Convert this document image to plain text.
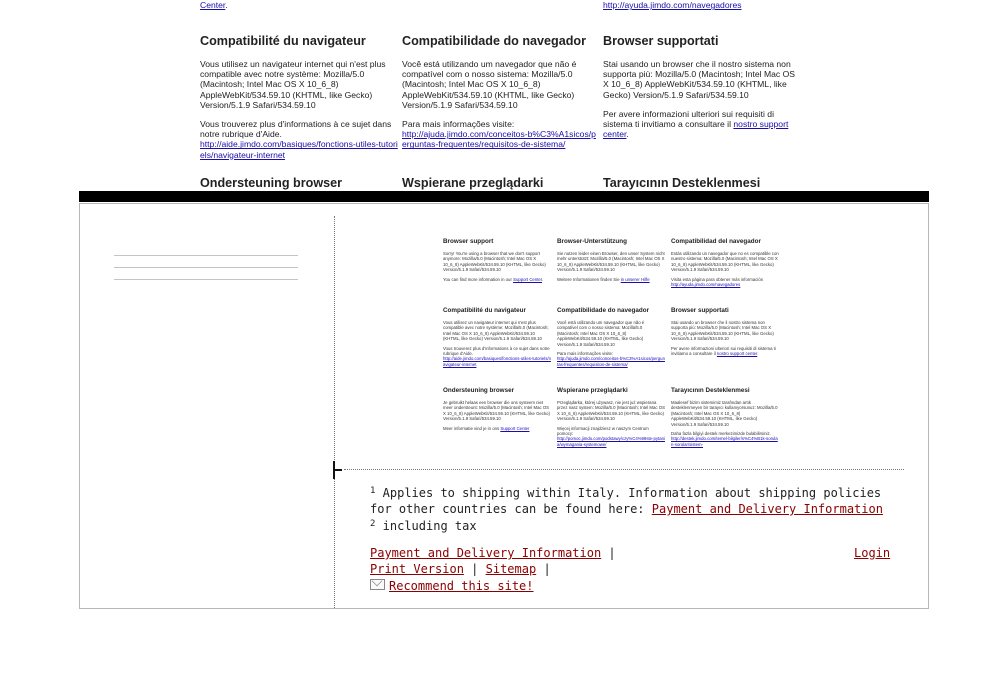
Center.	http://ayuda.jimdo.com/navegadores

Compatibilité du navigateur

Vous utilisez un navigateur internet qui n'est plus compatible avec notre système: Mozilla/5.0 (Macintosh; Intel Mac OS X 10_6_8) AppleWebKit/534.59.10 (KHTML, like Gecko) Version/5.1.9 Safari/534.59.10

Vous trouverez plus d'informations à ce sujet dans notre rubrique d'Aide.
http://aide.jimdo.com/basiques/fonctions-utiles-tutoriels/navigateur-internet

Compatibilidade do navegador

Você está utilizando um navegador que não é compatível com o nosso sistema: Mozilla/5.0 (Macintosh; Intel Mac OS X 10_6_8) AppleWebKit/534.59.10 (KHTML, like Gecko) Version/5.1.9 Safari/534.59.10

Para mais informações visite:
http://ajuda.jimdo.com/conceitos-b%C3%A1sicos/perguntas-frequentes/requisitos-de-sistema/

Browser supportati

Stai usando un browser che il nostro sistema non supporta più: Mozilla/5.0 (Macintosh; Intel Mac OS X 10_6_8) AppleWebKit/534.59.10 (KHTML, like Gecko) Version/5.1.9 Safari/534.59.10

Per avere informazioni ulteriori sui requisiti di sistema ti invitiamo a consultare il nostro support center.

Ondersteuning browser	Wspierane przeglądarki	Tarayıcının Desteklenmesi
Browser support

Sorry! You're using a browser that we don't support anymore: Mozilla/5.0 (Macintosh; Intel Mac OS X 10_6_8) AppleWebKit/534.59.10 (KHTML, like Gecko) Version/5.1.9 Safari/534.59.10

You can find more information in our Support Center.

Browser-Unterstützung

Sie nutzen leider einen Browser, den unser System nicht mehr unterstützt: Mozilla/5.0 (Macintosh; Intel Mac OS X 10_6_8) AppleWebKit/534.59.10 (KHTML, like Gecko) Version/5.1.9 Safari/534.59.10

Weitere Informationen finden Sie in unserer Hilfe

Compatibilidad del navegador

Estás utilizando un navegador que no es compatible con nuestro sistema: Mozilla/5.0 (Macintosh; Intel Mac OS X 10_6_8) AppleWebKit/534.59.10 (KHTML, like Gecko) Version/5.1.9 Safari/534.59.10

Visita esta página para obtener más información
http://ayuda.jimdo.com/navegadores

Compatibilité du navigateur

Vous utilisez un navigateur internet qui n'est plus compatible avec notre système: Mozilla/5.0 (Macintosh; Intel Mac OS X 10_6_8) AppleWebKit/534.59.10 (KHTML, like Gecko) Version/5.1.9 Safari/534.59.10

Vous trouverez plus d'informations à ce sujet dans notre rubrique d'Aide.
http://aide.jimdo.com/basiques/fonctions-utiles-tutoriels/navigateur-internet

Compatibilidade do navegador

Você está utilizando um navegador que não é compatível com o nosso sistema: Mozilla/5.0 (Macintosh; Intel Mac OS X 10_6_8) AppleWebKit/534.59.10 (KHTML, like Gecko) Version/5.1.9 Safari/534.59.10

Para mais informações visite:
http://ajuda.jimdo.com/conceitos-b%C3%A1sicos/perguntas-frequentes/requisitos-de-sistema/

Browser supportati

Stai usando un browser che il nostro sistema non supporta più: Mozilla/5.0 (Macintosh; Intel Mac OS X 10_6_8) AppleWebKit/534.59.10 (KHTML, like Gecko) Version/5.1.9 Safari/534.59.10

Per avere informazioni ulteriori sui requisiti di sistema ti invitiamo a consultare il nostro support center.

Ondersteuning browser

Je gebruikt helaas een browser die ons systeem niet meer ondersteunt: Mozilla/5.0 (Macintosh; Intel Mac OS X 10_6_8) AppleWebKit/534.59.10 (KHTML, like Gecko) Version/5.1.9 Safari/534.59.10

Meer informatie vind je in ons Support Center

Wspierane przeglądarki

Przeglądarka, której używasz, nie jest już wspierana przez nasz system: Mozilla/5.0 (Macintosh; Intel Mac OS X 10_6_8) AppleWebKit/534.59.10 (KHTML, like Gecko) Version/5.1.9 Safari/534.59.10

Więcej informacji znajdziesz w naszym Centrum pomocy:
http://pomoc.jimdo.com/podstawy/czy%C4%99ste-pytania/wymagania-systemowe/

Tarayıcının Desteklenmesi

Maalesef bizim sistemimiz tarafından artık desteklenmeyen bir tarayıcı kullanıyorsunuz: Mozilla/5.0 (Macintosh; Intel Mac OS X 10_6_8) AppleWebKit/534.59.10 (KHTML, like Gecko) Version/5.1.9 Safari/534.59.10

Daha fazla bilgiyi destek merkezimizde bulabilirsiniz.
http://destek.jimdo.com/temel-bilgiler/s%C4%B1k-sorulan-sorular/sistem-

$^1$ Applies to shipping within Italy. Information about shipping policies for other countries can be found here: Payment and Delivery Information
$^2$ including tax
Payment and Delivery Information |
Print Version | Sitemap |
Recommend this site!
Login
